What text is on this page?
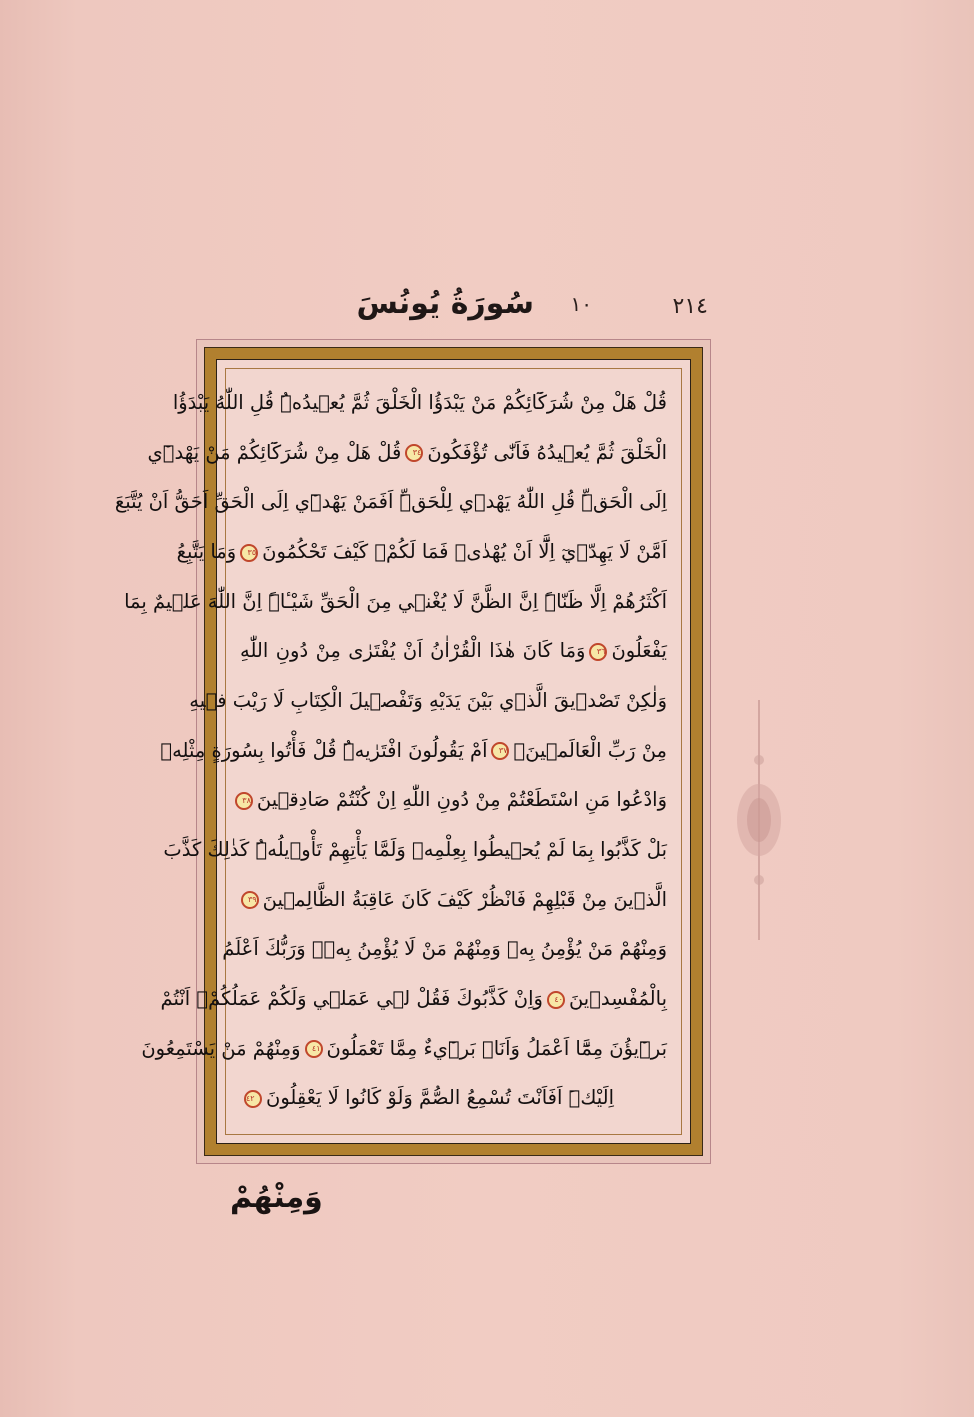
٢١٤
سُورَةُ يُونُسَ ١٠
قُلْ هَلْ مِنْ شُرَكَٓائِكُمْ مَنْ يَبْدَؤُا الْخَلْقَ ثُمَّ يُع۪يدُهُۜ قُلِ اللّٰهُ يَبْدَؤُا
الْخَلْقَ ثُمَّ يُع۪يدُهُ فَاَنّٰى تُؤْفَكُونَ٣٤قُلْ هَلْ مِنْ شُرَكَٓائِكُمْ مَنْ يَهْد۪ٓي
اِلَى الْحَقِّۜ قُلِ اللّٰهُ يَهْد۪ي لِلْحَقِّۜ اَفَمَنْ يَهْد۪ٓي اِلَى الْحَقِّ اَحَقُّ اَنْ يُتَّبَعَ
اَمَّنْ لَا يَهِدّ۪يٓ اِلَّٓا اَنْ يُهْدٰىۚ فَمَا لَكُمْ۠ كَيْفَ تَحْكُمُونَ٣٥وَمَا يَتَّبِعُ
اَكْثَرُهُمْ اِلَّا ظَنّاًۜ اِنَّ الظَّنَّ لَا يُغْن۪ي مِنَ الْحَقِّ شَيْـٔاًۜ اِنَّ اللّٰهَ عَل۪يمٌ بِمَا
يَفْعَلُونَ٣٦وَمَا كَانَ هٰذَا الْقُرْاٰنُ اَنْ يُفْتَرٰى مِنْ دُونِ اللّٰهِ
وَلٰكِنْ تَصْد۪يقَ الَّذ۪ي بَيْنَ يَدَيْهِ وَتَفْص۪يلَ الْكِتَابِ لَا رَيْبَ ف۪يهِ
مِنْ رَبِّ الْعَالَم۪ينَۗ٣٧اَمْ يَقُولُونَ افْتَرٰيهُۜ قُلْ فَأْتُوا بِسُورَةٍ مِثْلِه۪
وَادْعُوا مَنِ اسْتَطَعْتُمْ مِنْ دُونِ اللّٰهِ اِنْ كُنْتُمْ صَادِق۪ينَ٣٨
بَلْ كَذَّبُوا بِمَا لَمْ يُح۪يطُوا بِعِلْمِه۪ وَلَمَّا يَأْتِهِمْ تَأْو۪يلُهُۜ كَذٰلِكَ كَذَّبَ
الَّذ۪ينَ مِنْ قَبْلِهِمْ فَانْظُرْ كَيْفَ كَانَ عَاقِبَةُ الظَّالِم۪ينَ٣٩
وَمِنْهُمْ مَنْ يُؤْمِنُ بِه۪ وَمِنْهُمْ مَنْ لَا يُؤْمِنُ بِه۪ۜ وَرَبُّكَ اَعْلَمُ
بِالْمُفْسِد۪ينَ٤٠وَاِنْ كَذَّبُوكَ فَقُلْ ل۪ي عَمَل۪ي وَلَكُمْ عَمَلُكُمْۚ اَنْتُمْ
بَر۪ٓيؤُنَ مِمَّٓا اَعْمَلُ وَاَنَا۬ بَر۪ٓيءٌ مِمَّا تَعْمَلُونَ٤١وَمِنْهُمْ مَنْ يَسْتَمِعُونَ
اِلَيْكَۜ اَفَاَنْتَ تُسْمِعُ الصُّمَّ وَلَوْ كَانُوا لَا يَعْقِلُونَ٤٢
وَمِنْهُمْ
